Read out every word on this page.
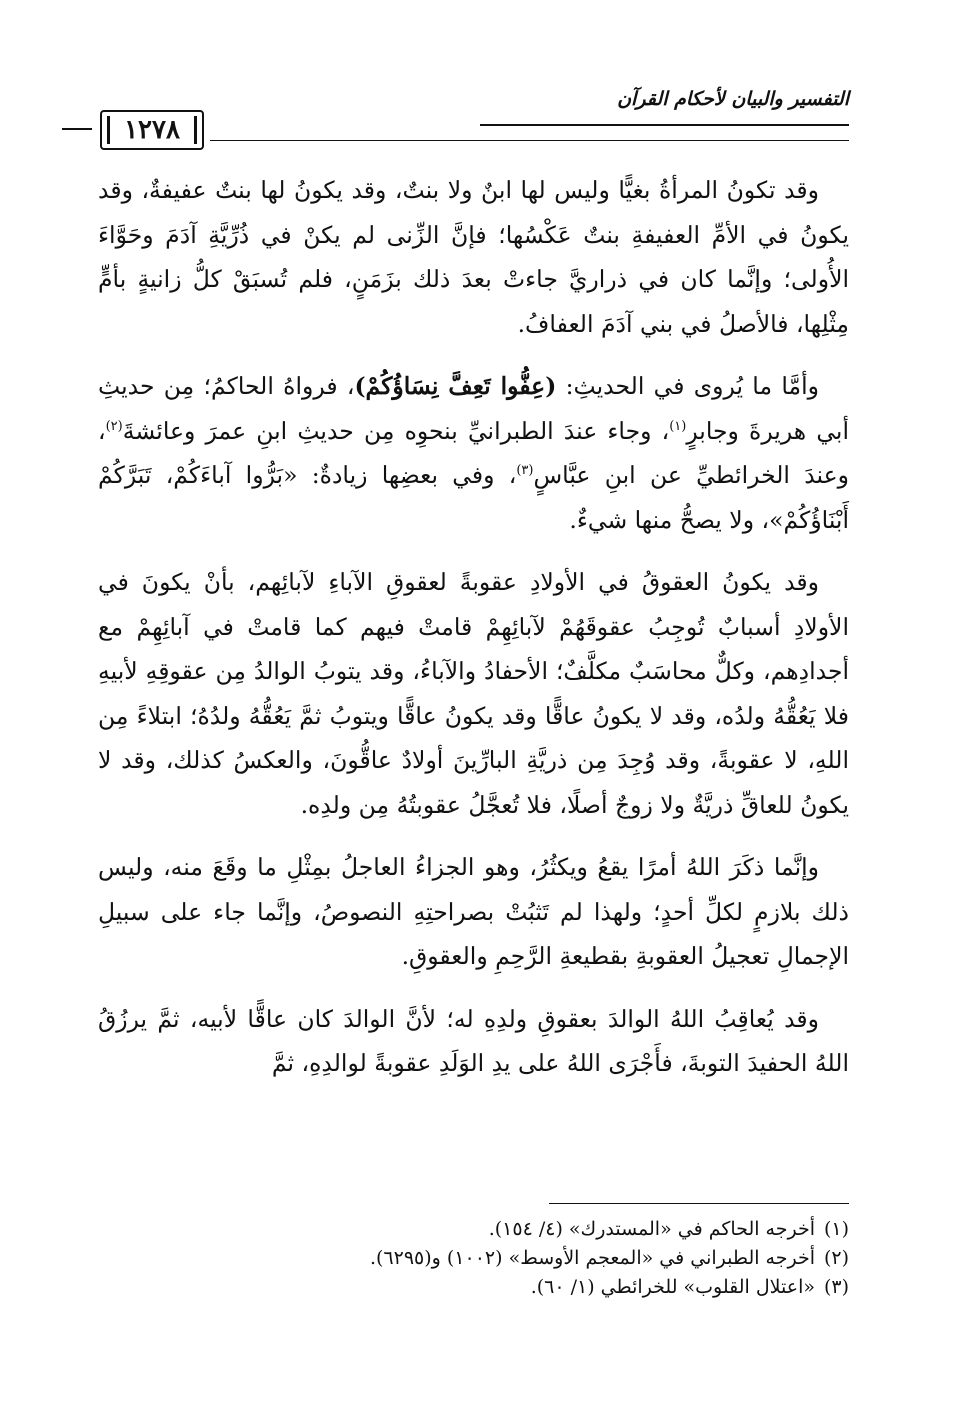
التفسير والبيان لأحكام القرآن
١٢٧٨

وقد تكونُ المرأةُ بغيًّا وليس لها ابنٌ ولا بنتٌ، وقد يكونُ لها بنتٌ عفيفةٌ، وقد يكونُ في الأمِّ العفيفةِ بنتٌ عَكْسُها؛ فإنَّ الزِّنى لم يكنْ في ذُرِّيَّةِ آدَمَ وحَوَّاءَ الأُولى؛ وإنَّما كان في ذراريَّ جاءتْ بعدَ ذلك بزَمَنٍ، فلم تُسبَقْ كلُّ زانيةٍ بأمٍّ مِثْلِها، فالأصلُ في بني آدَمَ العفافُ.

وأمَّا ما يُروى في الحديثِ: (عِفُّوا تَعِفَّ نِسَاؤُكُمْ)، فرواهُ الحاكمُ؛ مِن حديثِ أبي هريرةَ وجابرٍ$^{(١)}$، وجاء عندَ الطبرانيِّ بنحوِه مِن حديثِ ابنِ عمرَ وعائشةَ$^{(٢)}$، وعندَ الخرائطيِّ عن ابنِ عبَّاسٍ$^{(٣)}$، وفي بعضِها زيادةٌ: «بَرُّوا آباءَكُمْ، تَبَرَّكُمْ أَبْنَاؤُكُمْ»، ولا يصحُّ منها شيءٌ.

وقد يكونُ العقوقُ في الأولادِ عقوبةً لعقوقِ الآباءِ لآبائِهم، بأنْ يكونَ في الأولادِ أسبابٌ تُوجِبُ عقوقَهُمْ لآبائِهِمْ قامتْ فيهم كما قامتْ في آبائِهِمْ مع أجدادِهم، وكلٌّ محاسَبٌ مكلَّفٌ؛ الأحفادُ والآباءُ، وقد يتوبُ الوالدُ مِن عقوقِهِ لأبيهِ فلا يَعُقُّهُ ولدُه، وقد لا يكونُ عاقًّا وقد يكونُ عاقًّا ويتوبُ ثمَّ يَعُقُّهُ ولدُهُ؛ ابتلاءً مِن اللهِ، لا عقوبةً، وقد وُجِدَ مِن ذريَّةِ البارِّينَ أولادٌ عاقُّونَ، والعكسُ كذلك، وقد لا يكونُ للعاقِّ ذريَّةٌ ولا زوجٌ أصلًا، فلا تُعجَّلُ عقوبتُهُ مِن ولدِه.

وإنَّما ذكَرَ اللهُ أمرًا يقعُ ويكثُرُ، وهو الجزاءُ العاجلُ بمِثْلِ ما وقَعَ منه، وليس ذلك بلازمٍ لكلِّ أحدٍ؛ ولهذا لم تَثبُتْ بصراحتِهِ النصوصُ، وإنَّما جاء على سبيلِ الإجمالِ تعجيلُ العقوبةِ بقطيعةِ الرَّحِمِ والعقوقِ.

وقد يُعاقِبُ اللهُ الوالدَ بعقوقِ ولدِهِ له؛ لأنَّ الوالدَ كان عاقًّا لأبيه، ثمَّ يرزُقُ اللهُ الحفيدَ التوبةَ، فأَجْرَى اللهُ على يدِ الوَلَدِ عقوبةً لوالدِهِ، ثمَّ

(١)أخرجه الحاكم في «المستدرك» (٤/ ١٥٤).

(٢)أخرجه الطبراني في «المعجم الأوسط» (١٠٠٢) و(٦٢٩٥).

(٣)«اعتلال القلوب» للخرائطي (١/ ٦٠).
